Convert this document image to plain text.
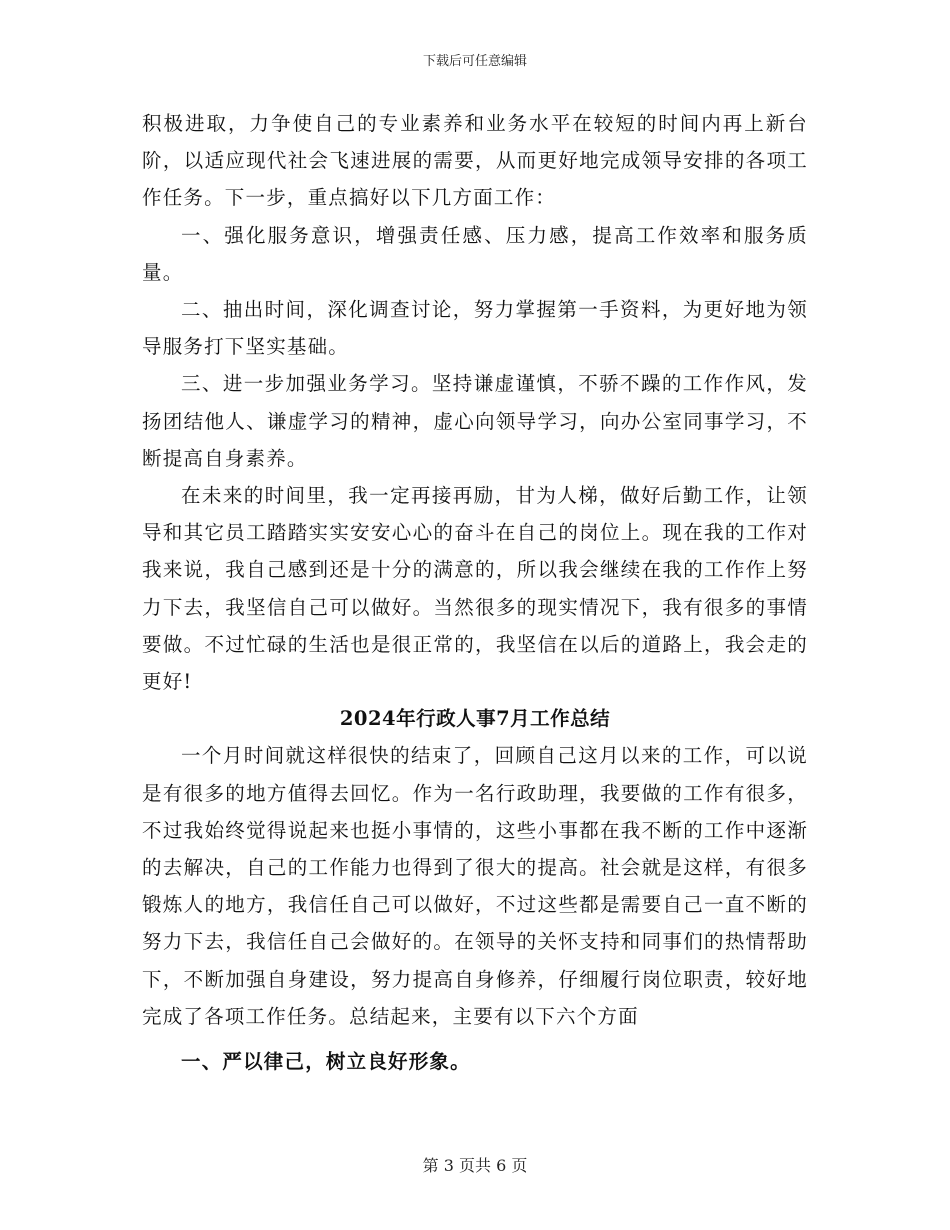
下载后可任意编辑

积极进取，力争使自己的专业素养和业务水平在较短的时间内再上新台阶，以适应现代社会飞速进展的需要，从而更好地完成领导安排的各项工作任务。下一步，重点搞好以下几方面工作：

一、强化服务意识，增强责任感、压力感，提高工作效率和服务质量。

二、抽出时间，深化调查讨论，努力掌握第一手资料，为更好地为领导服务打下坚实基础。

三、进一步加强业务学习。坚持谦虚谨慎，不骄不躁的工作作风，发扬团结他人、谦虚学习的精神，虚心向领导学习，向办公室同事学习，不断提高自身素养。

在未来的时间里，我一定再接再励，甘为人梯，做好后勤工作，让领导和其它员工踏踏实实安安心心的奋斗在自己的岗位上。现在我的工作对我来说，我自己感到还是十分的满意的，所以我会继续在我的工作作上努力下去，我坚信自己可以做好。当然很多的现实情况下，我有很多的事情要做。不过忙碌的生活也是很正常的，我坚信在以后的道路上，我会走的更好!

2024年行政人事7月工作总结

一个月时间就这样很快的结束了，回顾自己这月以来的工作，可以说是有很多的地方值得去回忆。作为一名行政助理，我要做的工作有很多，不过我始终觉得说起来也挺小事情的，这些小事都在我不断的工作中逐渐的去解决，自己的工作能力也得到了很大的提高。社会就是这样，有很多锻炼人的地方，我信任自己可以做好，不过这些都是需要自己一直不断的努力下去，我信任自己会做好的。在领导的关怀支持和同事们的热情帮助下，不断加强自身建设，努力提高自身修养，仔细履行岗位职责，较好地完成了各项工作任务。总结起来，主要有以下六个方面

一、严以律己，树立良好形象。

第 3 页共 6 页
